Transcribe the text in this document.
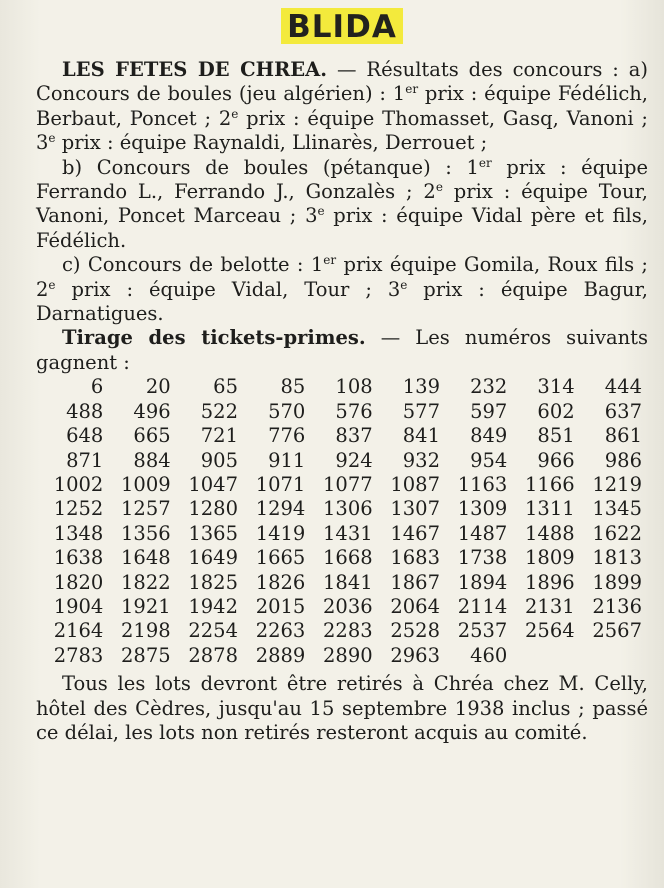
BLIDA

LES FETES DE CHREA. — Résultats des concours : a) Concours de boules (jeu algérien) : 1er prix : équipe Fédélich, Berbaut, Poncet ; 2e prix : équipe Thomasset, Gasq, Vanoni ; 3e prix : équipe Raynaldi, Llinarès, Derrouet ;

b) Concours de boules (pétanque) : 1er prix : équipe Ferrando L., Ferrando J., Gonzalès ; 2e prix : équipe Tour, Vanoni, Poncet Marceau ; 3e prix : équipe Vidal père et fils, Fédélich.

c) Concours de belotte : 1er prix équipe Gomila, Roux fils ; 2e prix : équipe Vidal, Tour ; 3e prix : équipe Bagur, Darnatigues.

Tirage des tickets-primes. — Les numéros suivants gagnent :

6	20	65	85	108	139	232	314	444
488	496	522	570	576	577	597	602	637
648	665	721	776	837	841	849	851	861
871	884	905	911	924	932	954	966	986
1002 1009 1047 1071 1077 1087 1163 1166 1219
1252 1257 1280 1294 1306 1307 1309 1311 1345
1348 1356 1365 1419 1431 1467 1487 1488 1622
1638 1648 1649 1665 1668 1683 1738 1809 1813
1820 1822 1825 1826 1841 1867 1894 1896 1899
1904 1921 1942 2015 2036 2064 2114 2131 2136
2164 2198 2254 2263 2283 2528 2537 2564 2567
2783 2875 2878 2889 2890 2963	460

Tous les lots devront être retirés à Chréa chez M. Celly, hôtel des Cèdres, jusqu'au 15 septembre 1938 inclus ; passé ce délai, les lots non retirés resteront acquis au comité.
